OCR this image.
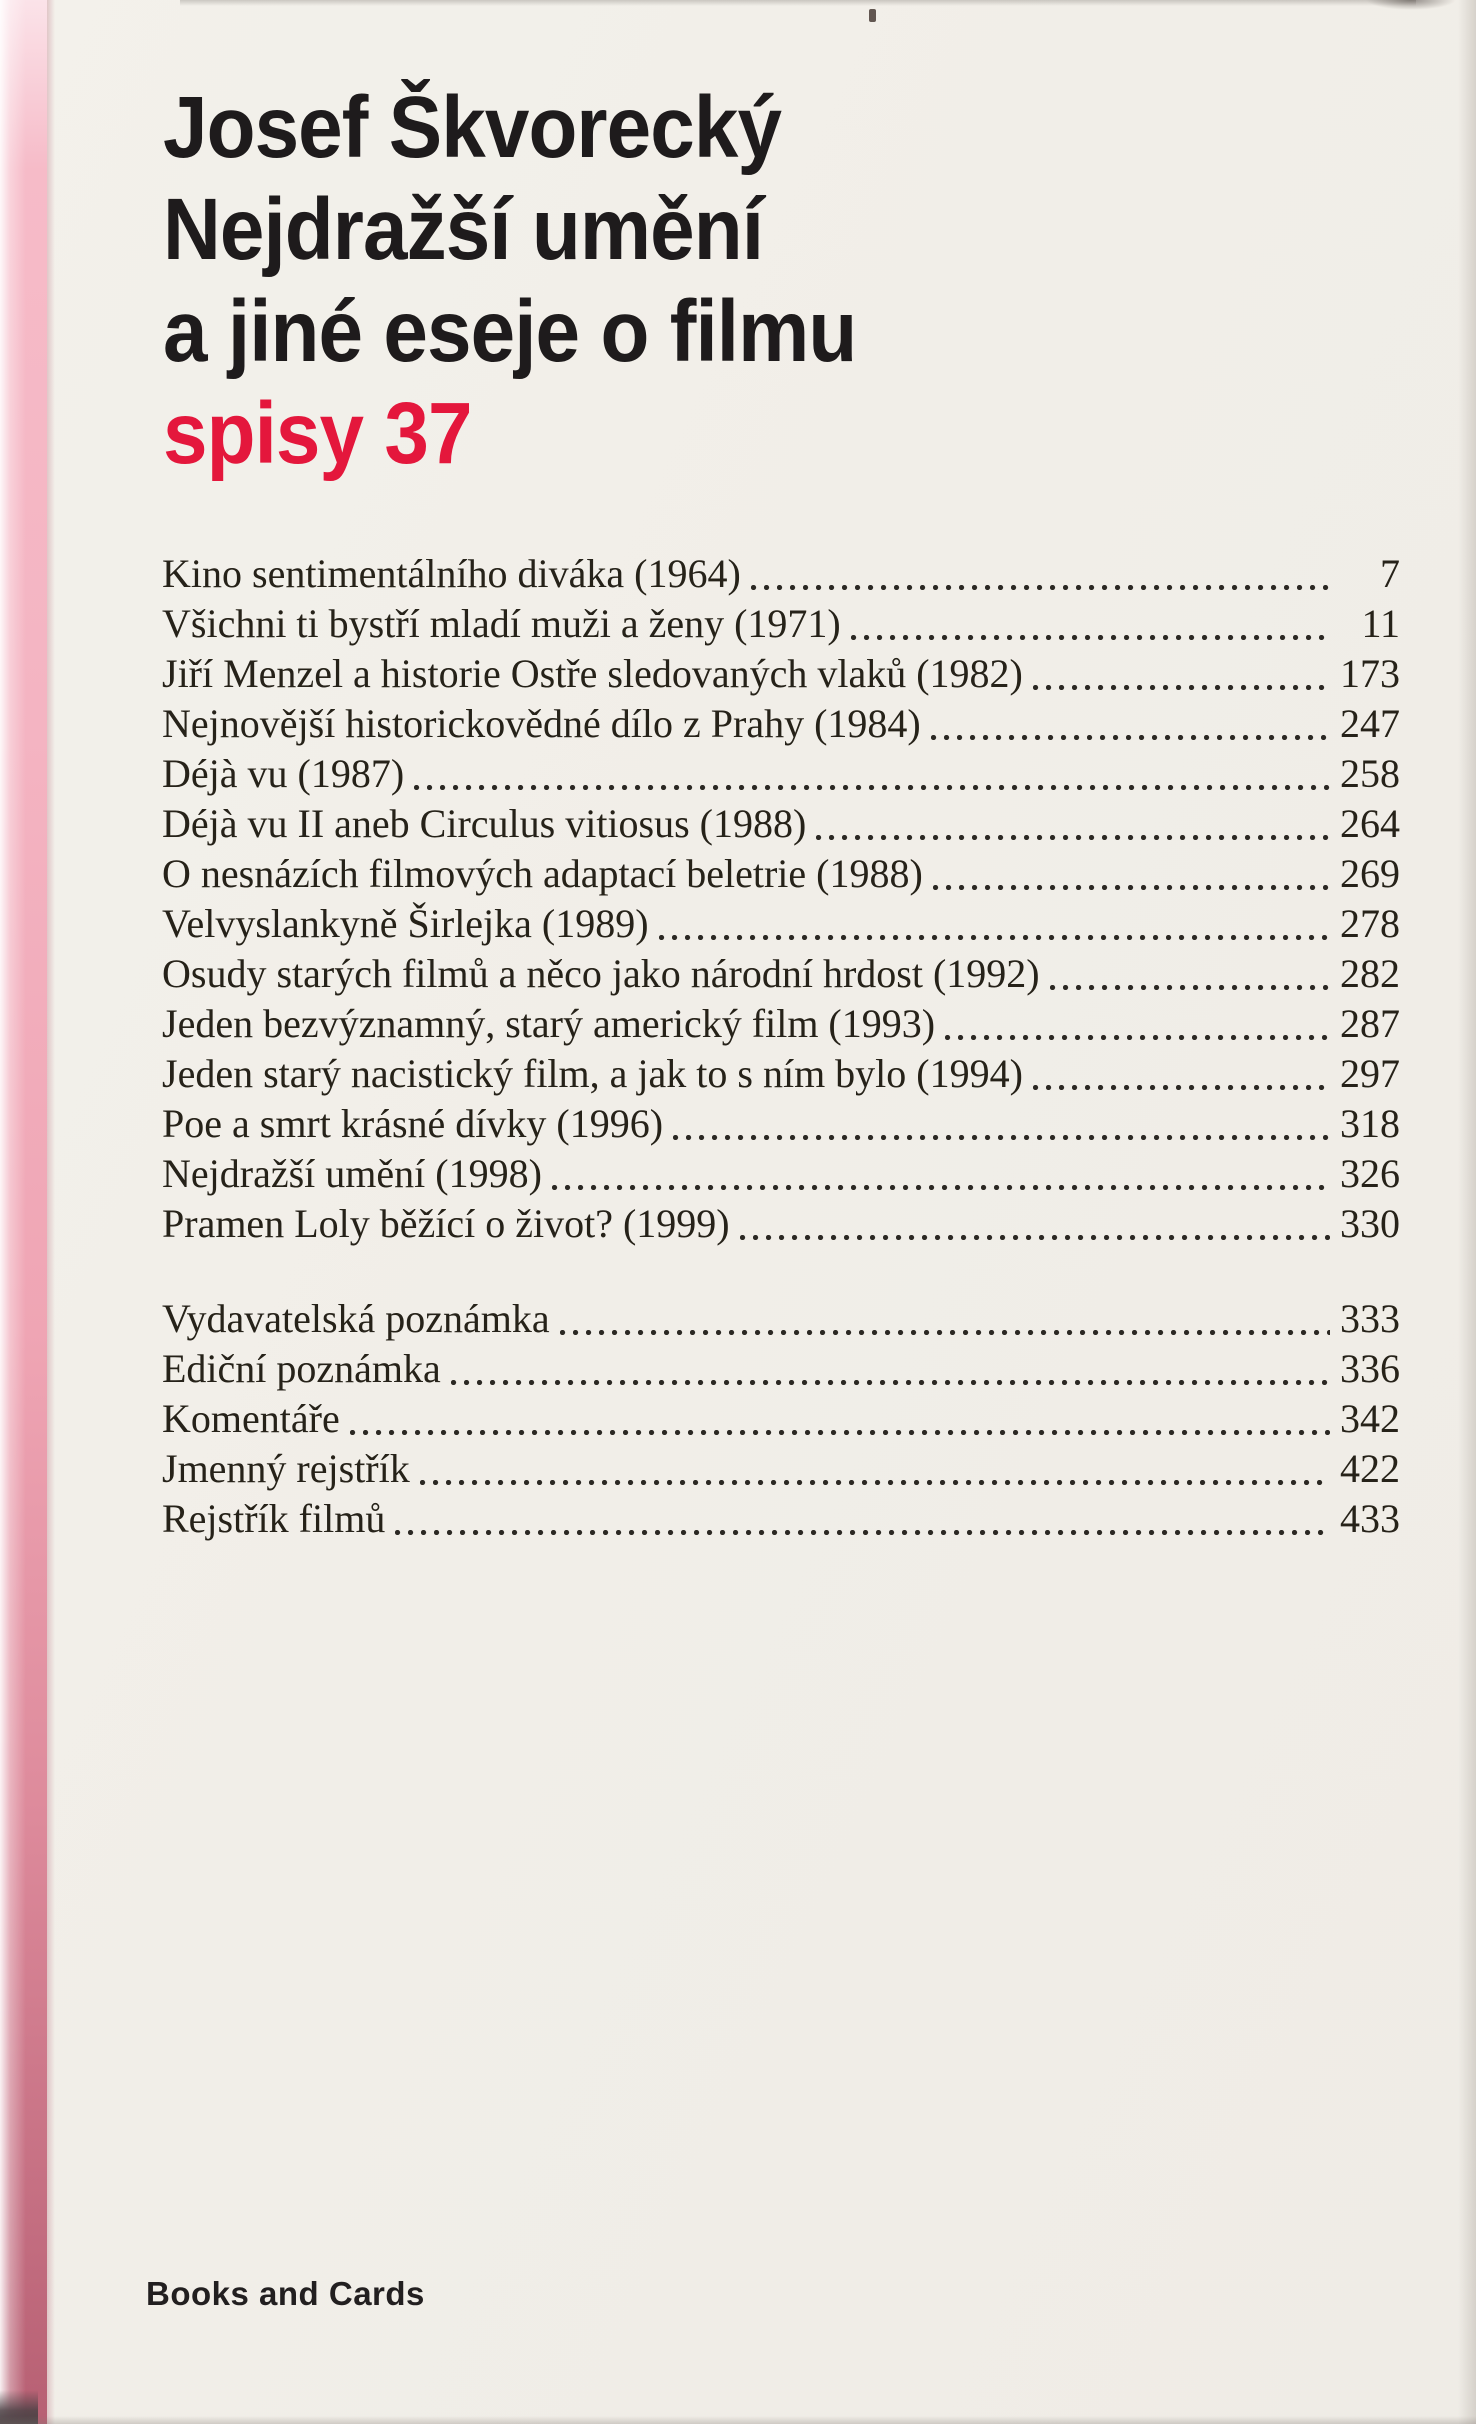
Josef Škvorecký
Nejdražší umění
a jiné eseje o filmu
spisy 37
Kino sentimentálního diváka (1964)	7
Všichni ti bystří mladí muži a ženy (1971)	11
Jiří Menzel a historie Ostře sledovaných vlaků (1982)	173
Nejnovější historickovědné dílo z Prahy (1984)	247
Déjà vu (1987)	258
Déjà vu II aneb Circulus vitiosus (1988)	264
O nesnázích filmových adaptací beletrie (1988)	269
Velvyslankyně Širlejka (1989)	278
Osudy starých filmů a něco jako národní hrdost (1992)	282
Jeden bezvýznamný, starý americký film (1993)	287
Jeden starý nacistický film, a jak to s ním bylo (1994)	297
Poe a smrt krásné dívky (1996)	318
Nejdražší umění (1998)	326
Pramen Loly běžící o život? (1999)	330
Vydavatelská poznámka	333
Ediční poznámka	336
Komentáře	342
Jmenný rejstřík	422
Rejstřík filmů	433
Books and Cards
